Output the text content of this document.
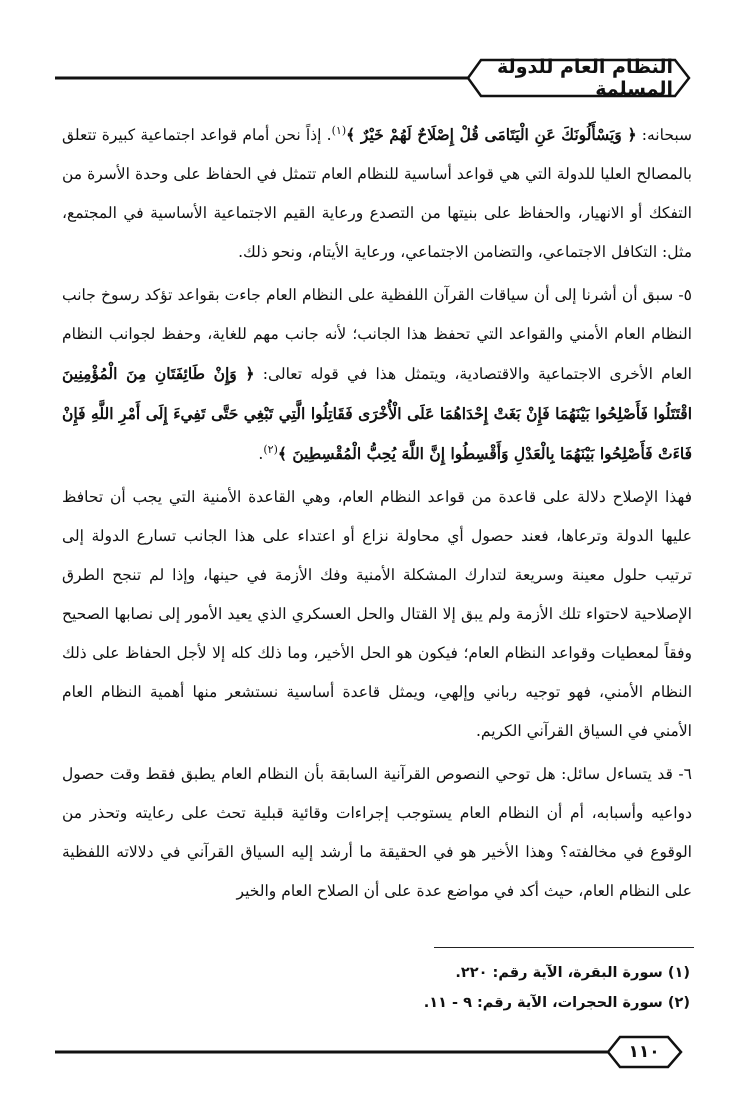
النظام العام للدولة المسلمة

سبحانه: ﴿ وَيَسْأَلُونَكَ عَنِ الْيَتَامَى قُلْ إِصْلَاحٌ لَهُمْ خَيْرٌ ﴾$^{(١)}$. إذاً نحن أمام قواعد اجتماعية كبيرة تتعلق بالمصالح العليا للدولة التي هي قواعد أساسية للنظام العام تتمثل في الحفاظ على وحدة الأسرة من التفكك أو الانهيار، والحفاظ على بنيتها من التصدع ورعاية القيم الاجتماعية الأساسية في المجتمع، مثل: التكافل الاجتماعي، والتضامن الاجتماعي، ورعاية الأيتام، ونحو ذلك.

٥- سبق أن أشرنا إلى أن سياقات القرآن اللفظية على النظام العام جاءت بقواعد تؤكد رسوخ جانب النظام العام الأمني والقواعد التي تحفظ هذا الجانب؛ لأنه جانب مهم للغاية، وحفظ لجوانب النظام العام الأخرى الاجتماعية والاقتصادية، ويتمثل هذا في قوله تعالى: ﴿ وَإِنْ طَائِفَتَانِ مِنَ الْمُؤْمِنِينَ اقْتَتَلُوا فَأَصْلِحُوا بَيْنَهُمَا فَإِنْ بَغَتْ إِحْدَاهُمَا عَلَى الْأُخْرَى فَقَاتِلُوا الَّتِي تَبْغِي حَتَّى تَفِيءَ إِلَى أَمْرِ اللَّهِ فَإِنْ فَاءَتْ فَأَصْلِحُوا بَيْنَهُمَا بِالْعَدْلِ وَأَقْسِطُوا إِنَّ اللَّهَ يُحِبُّ الْمُقْسِطِينَ ﴾$^{(٢)}$.

فهذا الإصلاح دلالة على قاعدة من قواعد النظام العام، وهي القاعدة الأمنية التي يجب أن تحافظ عليها الدولة وترعاها، فعند حصول أي محاولة نزاع أو اعتداء على هذا الجانب تسارع الدولة إلى ترتيب حلول معينة وسريعة لتدارك المشكلة الأمنية وفك الأزمة في حينها، وإذا لم تنجح الطرق الإصلاحية لاحتواء تلك الأزمة ولم يبق إلا القتال والحل العسكري الذي يعيد الأمور إلى نصابها الصحيح وفقاً لمعطيات وقواعد النظام العام؛ فيكون هو الحل الأخير، وما ذلك كله إلا لأجل الحفاظ على ذلك النظام الأمني، فهو توجيه رباني وإلهي، ويمثل قاعدة أساسية نستشعر منها أهمية النظام العام الأمني في السياق القرآني الكريم.

٦- قد يتساءل سائل: هل توحي النصوص القرآنية السابقة بأن النظام العام يطبق فقط وقت حصول دواعيه وأسبابه، أم أن النظام العام يستوجب إجراءات وقائية قبلية تحث على رعايته وتحذر من الوقوع في مخالفته؟ وهذا الأخير هو في الحقيقة ما أرشد إليه السياق القرآني في دلالاته اللفظية على النظام العام، حيث أكد في مواضع عدة على أن الصلاح العام والخير

(١) سورة البقرة، الآية رقم: ٢٢٠.
(٢) سورة الحجرات، الآية رقم: ٩ - ١١.
١١٠
